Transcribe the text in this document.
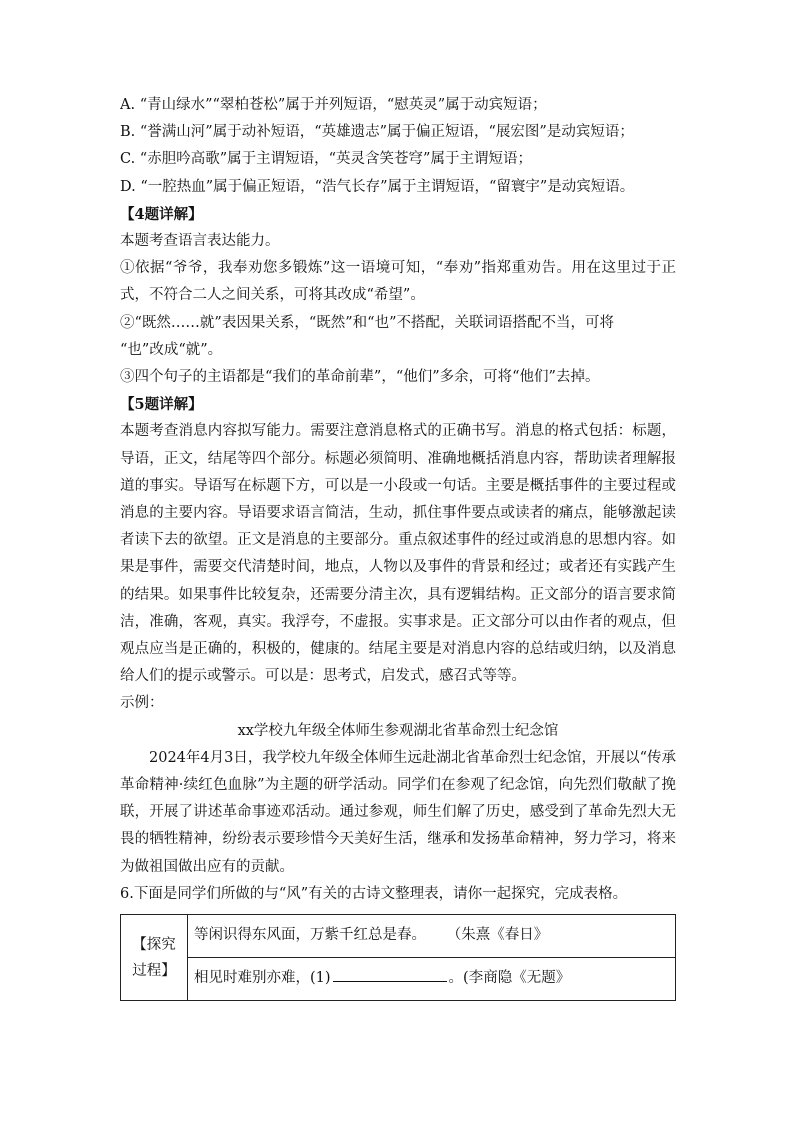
A. “青山绿水”“翠柏苍松”属于并列短语，“慰英灵”属于动宾短语；
B. “誉满山河”属于动补短语，“英雄遗志”属于偏正短语，“展宏图”是动宾短语；
C. “赤胆吟高歌”属于主谓短语，“英灵含笑苍穹”属于主谓短语；
D. “一腔热血”属于偏正短语，“浩气长存”属于主谓短语，“留寰宇”是动宾短语。
【4题详解】
本题考查语言表达能力。
①依据“爷爷，我奉劝您多锻炼”这一语境可知，“奉劝”指郑重劝告。用在这里过于正式，不符合二人之间关系，可将其改成“希望”。
②“既然……就”表因果关系，“既然”和“也”不搭配，关联词语搭配不当，可将
“也”改成“就”。
③四个句子的主语都是“我们的革命前辈”，“他们”多余，可将“他们”去掉。
【5题详解】
本题考查消息内容拟写能力。需要注意消息格式的正确书写。消息的格式包括：标题，导语，正文，结尾等四个部分。标题必须简明、准确地概括消息内容，帮助读者理解报道的事实。导语写在标题下方，可以是一小段或一句话。主要是概括事件的主要过程或消息的主要内容。导语要求语言简洁，生动，抓住事件要点或读者的痛点，能够激起读者读下去的欲望。正文是消息的主要部分。重点叙述事件的经过或消息的思想内容。如果是事件，需要交代清楚时间，地点，人物以及事件的背景和经过；或者还有实践产生的结果。如果事件比较复杂，还需要分清主次，具有逻辑结构。正文部分的语言要求简洁，准确，客观，真实。我浮夸，不虚报。实事求是。正文部分可以由作者的观点，但观点应当是正确的，积极的，健康的。结尾主要是对消息内容的总结或归纳，以及消息给人们的提示或警示。可以是：思考式，启发式，感召式等等。
示例：
xx学校九年级全体师生参观湖北省革命烈士纪念馆
2024年4月3日，我学校九年级全体师生远赴湖北省革命烈士纪念馆，开展以“传承革命精神·续红色血脉”为主题的研学活动。同学们在参观了纪念馆，向先烈们敬献了挽联，开展了讲述革命事迹邓活动。通过参观，师生们解了历史，感受到了革命先烈大无畏的牺牲精神，纷纷表示要珍惜今天美好生活，继承和发扬革命精神，努力学习，将来为做祖国做出应有的贡献。
6.下面是同学们所做的与“风”有关的古诗文整理表，请你一起探究，完成表格。
【探究
过程】	等闲识得东风面，万紫千红总是春。 （朱熹《春日》
相见时难别亦难，(1)	。(李商隐《无题》
